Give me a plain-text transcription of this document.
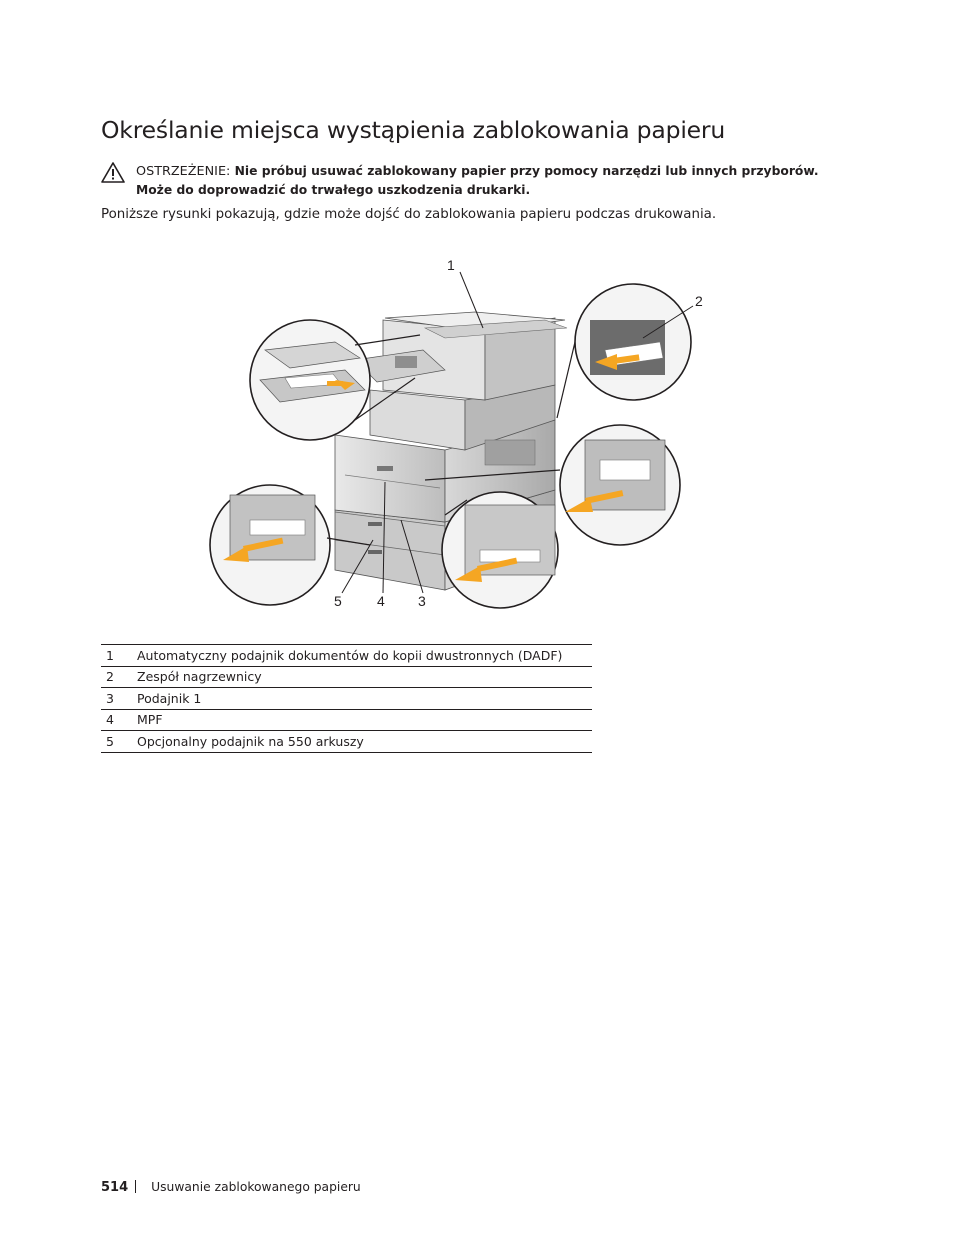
Określanie miejsca wystąpienia zablokowania papieru
OSTRZEŻENIE: Nie próbuj usuwać zablokowany papier przy pomocy narzędzi lub innych przyborów. Może do doprowadzić do trwałego uszkodzenia drukarki.

Poniższe rysunki pokazują, gdzie może dojść do zablokowania papieru podczas drukowania.

1
2
3
4
5
1	Automatyczny podajnik dokumentów do kopii dwustronnych (DADF)
2	Zespół nagrzewnicy
3	Podajnik 1
4	MPF
5	Opcjonalny podajnik na 550 arkuszy
514 Usuwanie zablokowanego papieru
